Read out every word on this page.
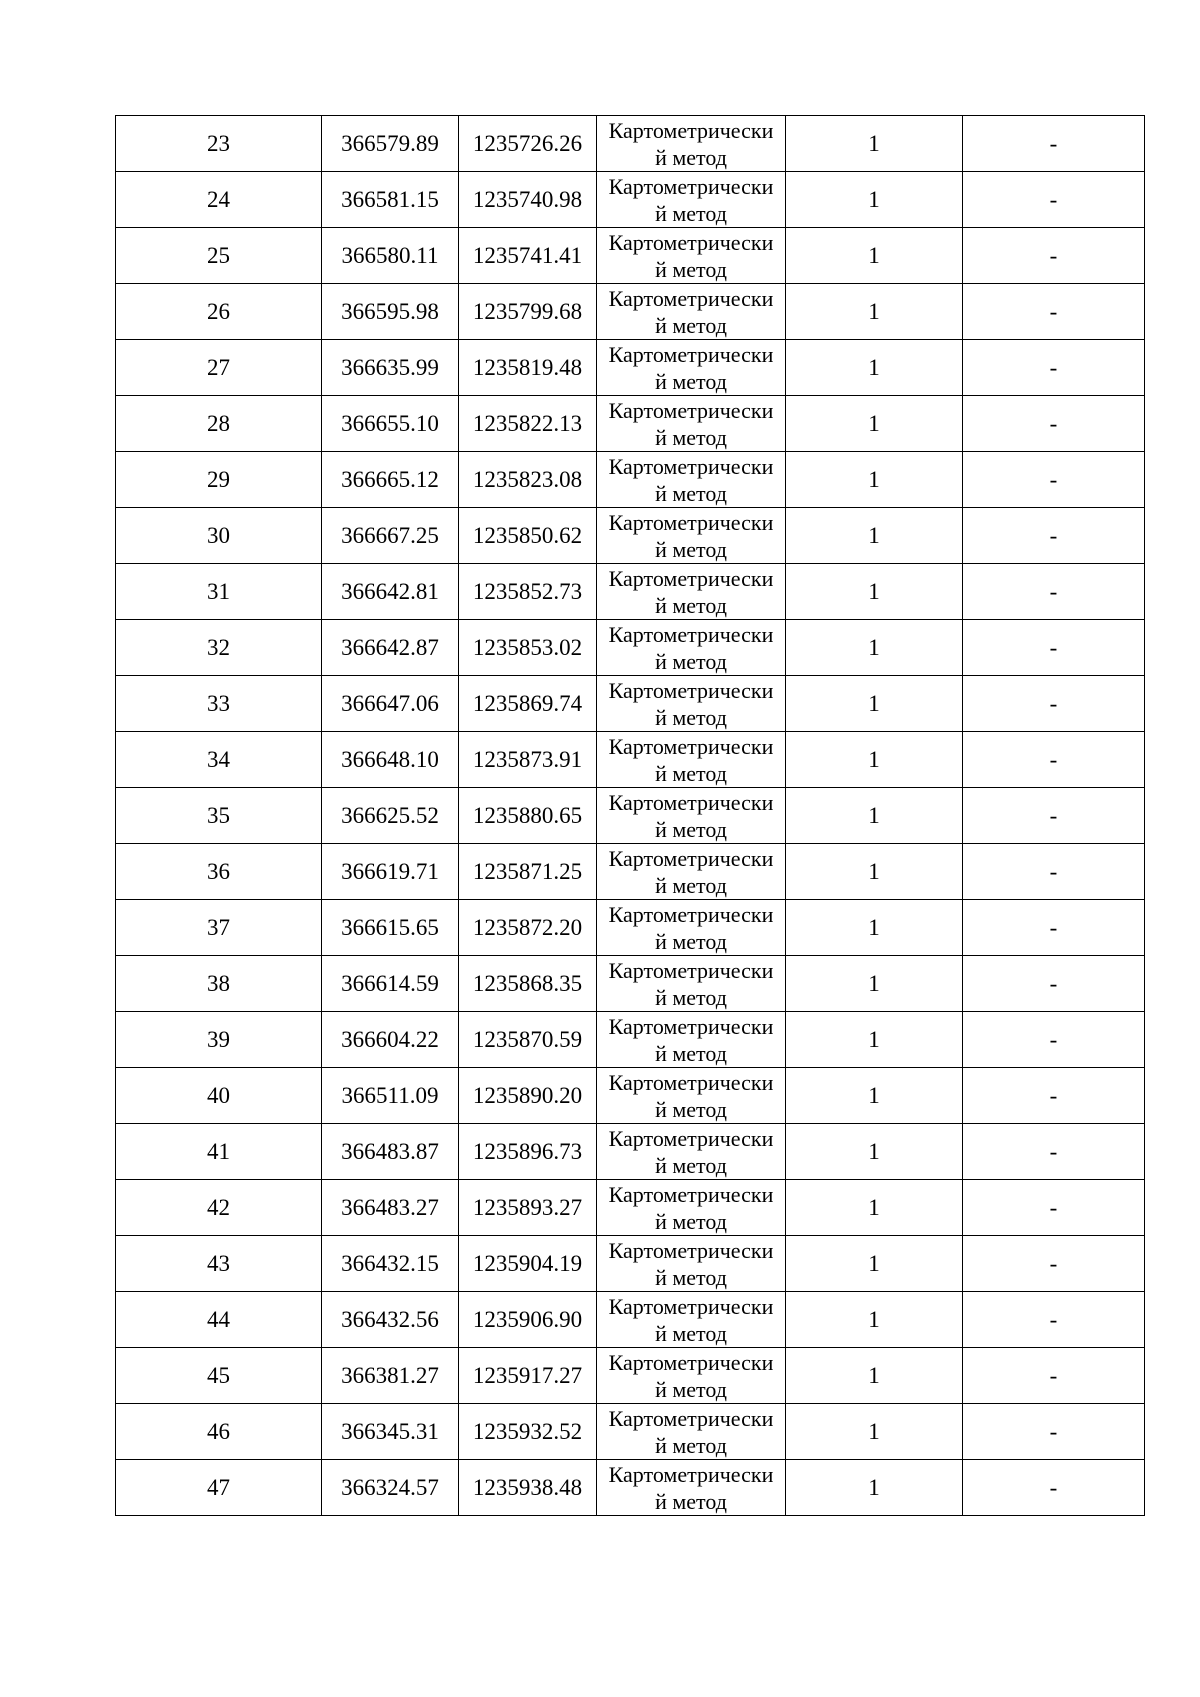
23	366579.89	1235726.26	Картометрически
й метод	1	-
24	366581.15	1235740.98	Картометрически
й метод	1	-
25	366580.11	1235741.41	Картометрически
й метод	1	-
26	366595.98	1235799.68	Картометрически
й метод	1	-
27	366635.99	1235819.48	Картометрически
й метод	1	-
28	366655.10	1235822.13	Картометрически
й метод	1	-
29	366665.12	1235823.08	Картометрически
й метод	1	-
30	366667.25	1235850.62	Картометрически
й метод	1	-
31	366642.81	1235852.73	Картометрически
й метод	1	-
32	366642.87	1235853.02	Картометрически
й метод	1	-
33	366647.06	1235869.74	Картометрически
й метод	1	-
34	366648.10	1235873.91	Картометрически
й метод	1	-
35	366625.52	1235880.65	Картометрически
й метод	1	-
36	366619.71	1235871.25	Картометрически
й метод	1	-
37	366615.65	1235872.20	Картометрически
й метод	1	-
38	366614.59	1235868.35	Картометрически
й метод	1	-
39	366604.22	1235870.59	Картометрически
й метод	1	-
40	366511.09	1235890.20	Картометрически
й метод	1	-
41	366483.87	1235896.73	Картометрически
й метод	1	-
42	366483.27	1235893.27	Картометрически
й метод	1	-
43	366432.15	1235904.19	Картометрически
й метод	1	-
44	366432.56	1235906.90	Картометрически
й метод	1	-
45	366381.27	1235917.27	Картометрически
й метод	1	-
46	366345.31	1235932.52	Картометрически
й метод	1	-
47	366324.57	1235938.48	Картометрически
й метод	1	-
